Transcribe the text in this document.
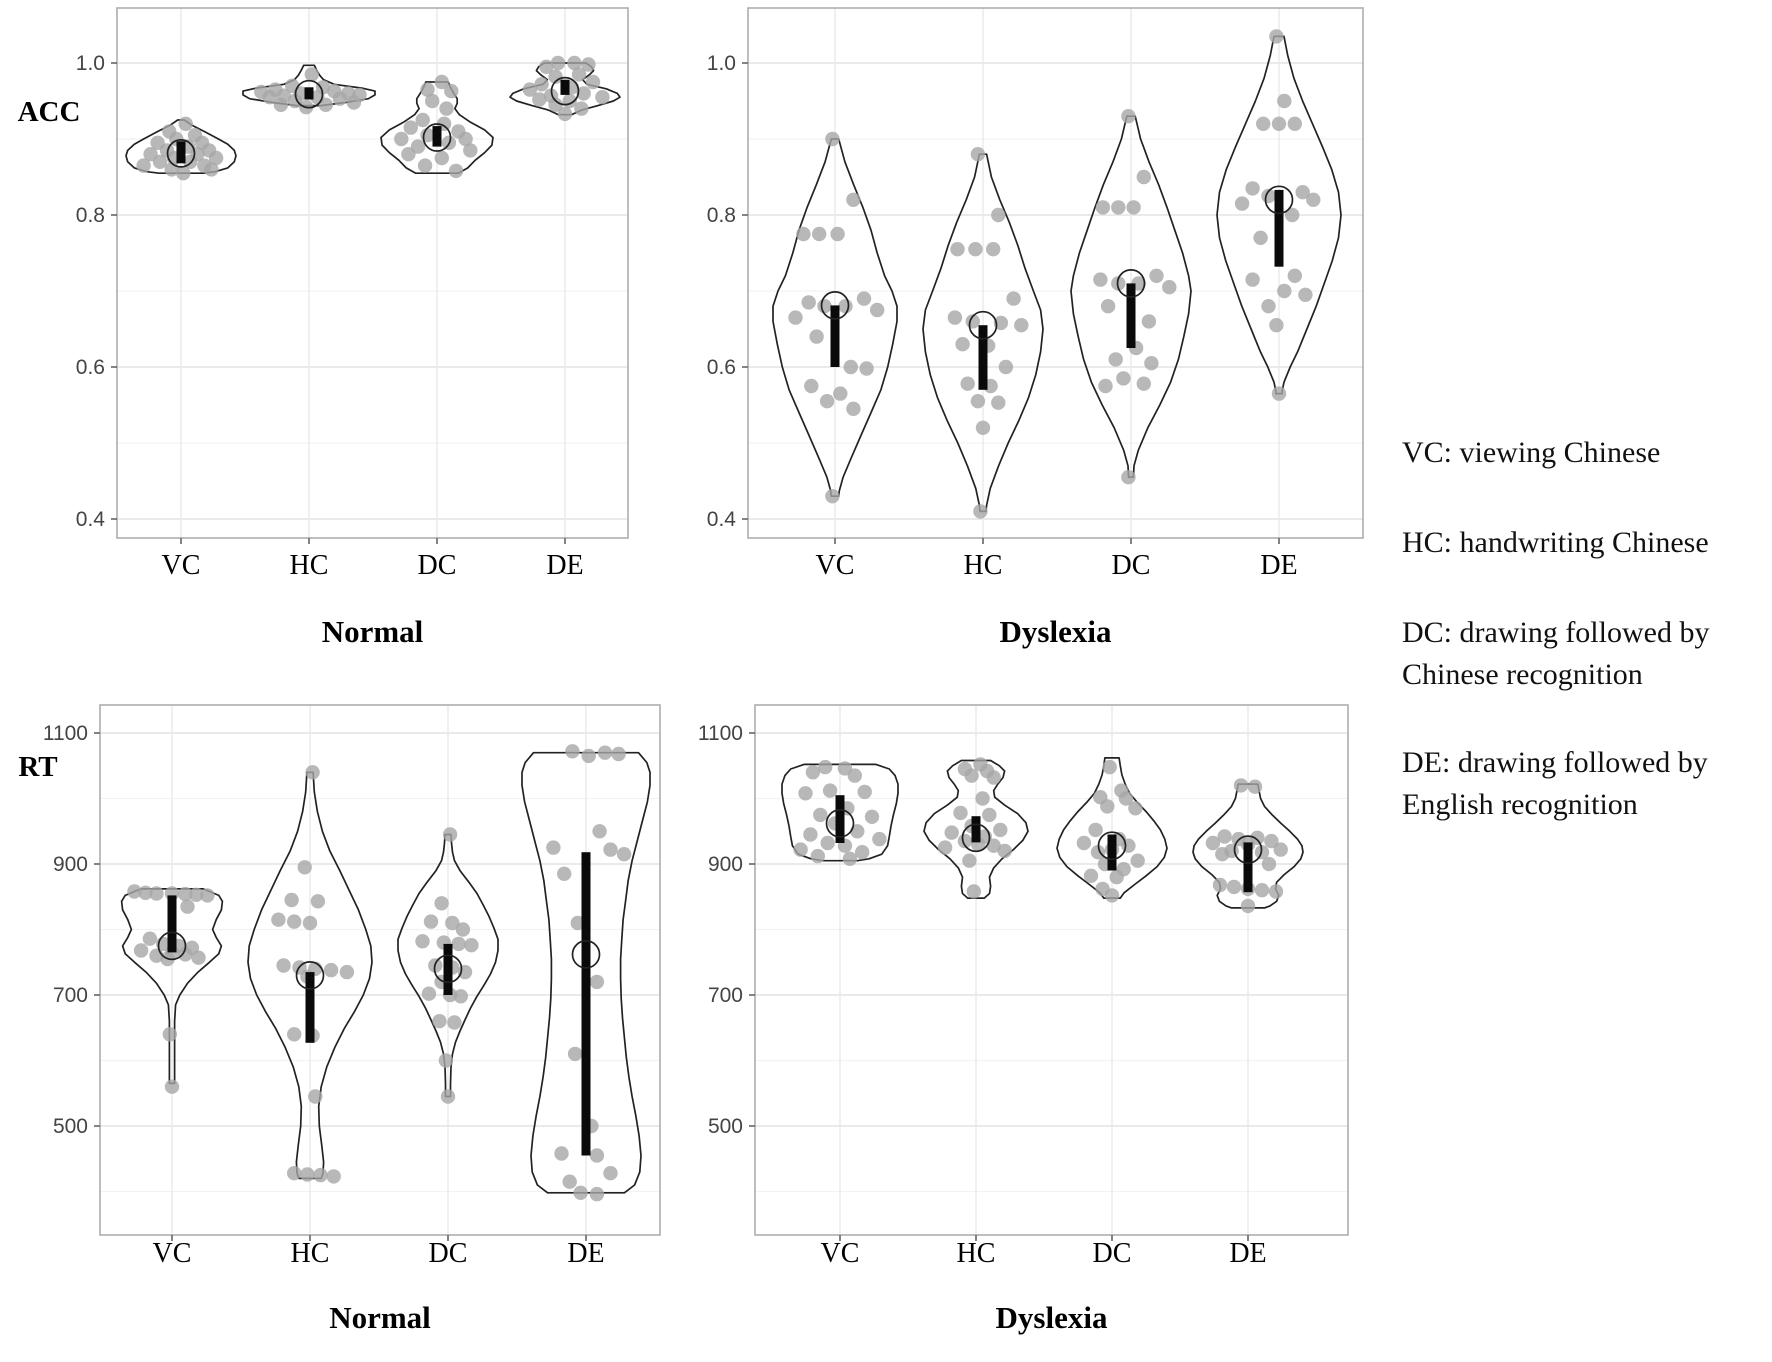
1.0
0.8
0.6
0.4
VC	HC	DC	DE
Normal
ACC
1.0
0.8
0.6
0.4
VC	HC	DC	DE
Dyslexia
1100
900
700
500
VC	HC	DC	DE
Normal
RT
1100
900
700
500
VC	HC	DC	DE
Dyslexia
VC: viewing Chinese
HC: handwriting Chinese
DC: drawing followed by
Chinese recognition
DE: drawing followed by
English recognition
